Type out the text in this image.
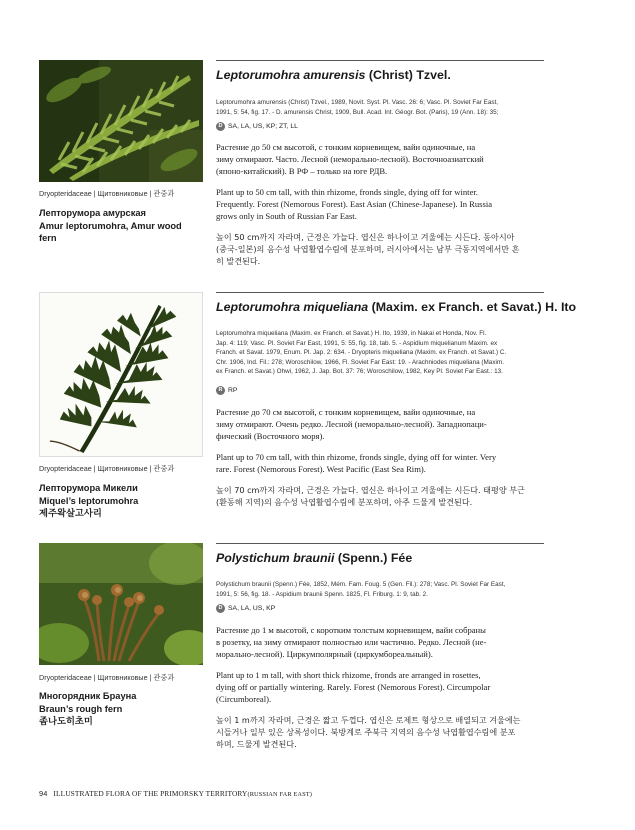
Dryopteridaceae | Щитовниковые | 관중과
Лепторумора амурская
Amur leptorumohra, Amur wood
fern
Leptorumohra amurensis (Christ) Tzvel.
Leptorumohra amurensis (Christ) Tzvel., 1989, Novit. Syst. Pl. Vasc. 26: 6; Vasc. Pl. Soviet Far East,
1991, 5: 54, fig. 17. - D. amurensis Christ, 1909, Bull. Acad. Int. Géogr. Bot. (Paris), 19 (Ann. 18): 35;
D SA, LA, US, KP; ZT, LL
Растение до 50 см высотой, с тонким корневищем, вайи одиночные, на
зиму отмирают. Часто. Лесной (неморально-лесной). Восточноазиатский
(японо-китайский). В РФ – только на юге РДВ.
Plant up to 50 cm tall, with thin rhizome, fronds single, dying off for winter.
Frequently. Forest (Nemorous Forest). East Asian (Chinese-Japanese). In Russia
grows only in South of Russian Far East.
높이 50 cm까지 자라며, 근경은 가늘다. 엽신은 하나이고 겨울에는 시든다. 동아시아
(중국-일본)의 음수성 낙엽활엽수림에 분포하며, 러시아에서는 남부 극동지역에서만 흔
히 발견된다.
Dryopteridaceae | Щитовниковые | 관중과
Лепторумора Микели
Miquel’s leptorumohra
제주왁살고사리
Leptorumohra miqueliana (Maxim. ex Franch. et Savat.) H. Ito
Leptorumohra miqueliana (Maxim. ex Franch. et Savat.) H. Ito, 1939, in Nakai et Honda, Nov. Fl.
Jap. 4: 119; Vasc. Pl. Soviet Far East, 1991, 5: 55, fig. 18, tab. 5. - Aspidium miquelianum Maxim. ex
Franch. et Savat. 1979, Enum. Pl. Jap. 2: 634. - Dryopteris miqueliana (Maxim. ex Franch. et Savat.) C.
Chr. 1906, Ind. Fil.: 278; Woroschilow, 1966, Fl. Soviet Far East: 19. - Arachniodes miqueliana (Maxim.
ex Franch. et Savat.) Ohwi, 1962, J. Jap. Bot. 37: 76; Woroschilow, 1982, Key Pl. Soviet Far East.: 13.
R RP
Растение до 70 см высотой, с тонким корневищем, вайи одиночные, на
зиму отмирают. Очень редко. Лесной (неморально-лесной). Западнопаци-
фический (Восточного моря).
Plant up to 70 cm tall, with thin rhizome, fronds single, dying off for winter. Very
rare. Forest (Nemorous Forest). West Pacific (East Sea Rim).
높이 70 cm까지 자라며, 근경은 가늘다. 엽신은 하나이고 겨울에는 시든다. 태평양 부근
(환동해 지역)의 음수성 낙엽활엽수림에 분포하며, 아주 드물게 발견된다.
Dryopteridaceae | Щитовниковые | 관중과
Многорядник Брауна
Braun’s rough fern
좀나도히초미
Polystichum braunii (Spenn.) Fée
Polystichum braunii (Spenn.) Fée, 1852, Mém. Fam. Foug. 5 (Gen. Fil.): 278; Vasc. Pl. Soviet Far East,
1991, 5: 56, fig. 18. - Aspidium braunii Spenn. 1825, Fl. Friburg. 1: 9, tab. 2.
D SA, LA, US, KP
Растение до 1 м высотой, с коротким толстым корневищем, вайи собраны
в розетку, на зиму отмирают полностью или частично. Редко. Лесной (не-
морально-лесной). Циркумполярный (циркумбореальный).
Plant up to 1 m tall, with short thick rhizome, fronds are arranged in rosettes,
dying off or partially wintering. Rarely. Forest (Nemorous Forest). Circumpolar
(Circumboreal).
높이 1 m까지 자라며, 근경은 짧고 두껍다. 엽신은 로제트 형상으로 배열되고 겨울에는
시들거나 일부 있은 상록성이다. 북방계로 주북극 지역의 음수성 낙엽활엽수림에 분포
하며, 드물게 발견된다.
94 ILLUSTRATED FLORA OF THE PRIMORSKY TERRITORY(RUSSIAN FAR EAST)
